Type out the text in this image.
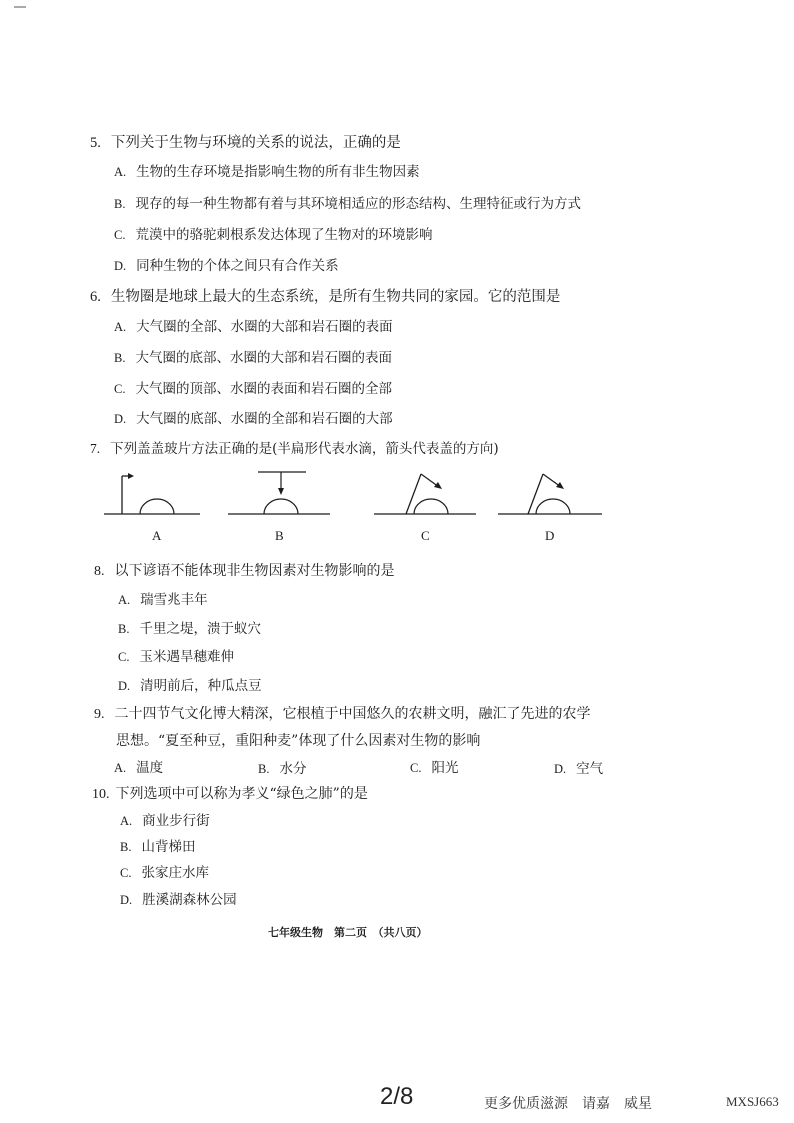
5. 下列关于生物与环境的关系的说法，正确的是
A. 生物的生存环境是指影响生物的所有非生物因素
B. 现存的每一种生物都有着与其环境相适应的形态结构、生理特征或行为方式
C. 荒漠中的骆驼刺根系发达体现了生物对的环境影响
D. 同种生物的个体之间只有合作关系
6. 生物圈是地球上最大的生态系统，是所有生物共同的家园。它的范围是
A. 大气圈的全部、水圈的大部和岩石圈的表面
B. 大气圈的底部、水圈的大部和岩石圈的表面
C. 大气圈的顶部、水圈的表面和岩石圈的全部
D. 大气圈的底部、水圈的全部和岩石圈的大部
7. 下列盖盖玻片方法正确的是(半扁形代表水滴，箭头代表盖的方向)
A	B	C	D
8. 以下谚语不能体现非生物因素对生物影响的是
A. 瑞雪兆丰年
B. 千里之堤，溃于蚁穴
C. 玉米遇旱穗难伸
D. 清明前后，种瓜点豆
9. 二十四节气文化博大精深，它根植于中国悠久的农耕文明，融汇了先进的农学
思想。“夏至种豆，重阳种麦”体现了什么因素对生物的影响
A. 温度	B. 水分	C. 阳光	D. 空气
10. 下列选项中可以称为孝义“绿色之肺”的是
A. 商业步行街
B. 山背梯田
C. 张家庄水库
D. 胜溪湖森林公园
七年级生物　第二页　（共八页）
2/8	更多优质滋源　请嘉　威星	MXSJ663
